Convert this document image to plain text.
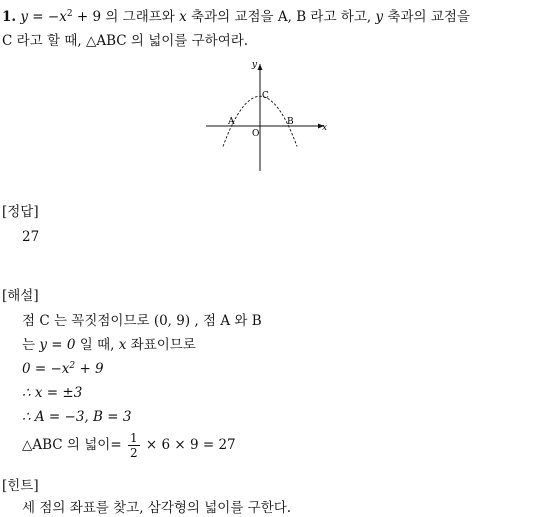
1. $y = -x^2 + 9$ 의 그래프와 x 축과의 교점을 A, B 라고 하고, y 축과의 교점을
C 라고 할 때, △ABC 의 넓이를 구하여라.
y
x
C
A	B
O
[정답]
27
[해설]
점 C 는 꼭짓점이므로 (0, 9) , 점 A 와 B
는 y = 0 일 때, x 좌표이므로
$0 = -x^2 + 9$
∴ x = ±3
∴ A = −3, B = 3
△ABC 의 넓이= $\frac{1}{2} \times 6 \times 9 = 27$
[힌트]
세 점의 좌표를 찾고, 삼각형의 넓이를 구한다.
